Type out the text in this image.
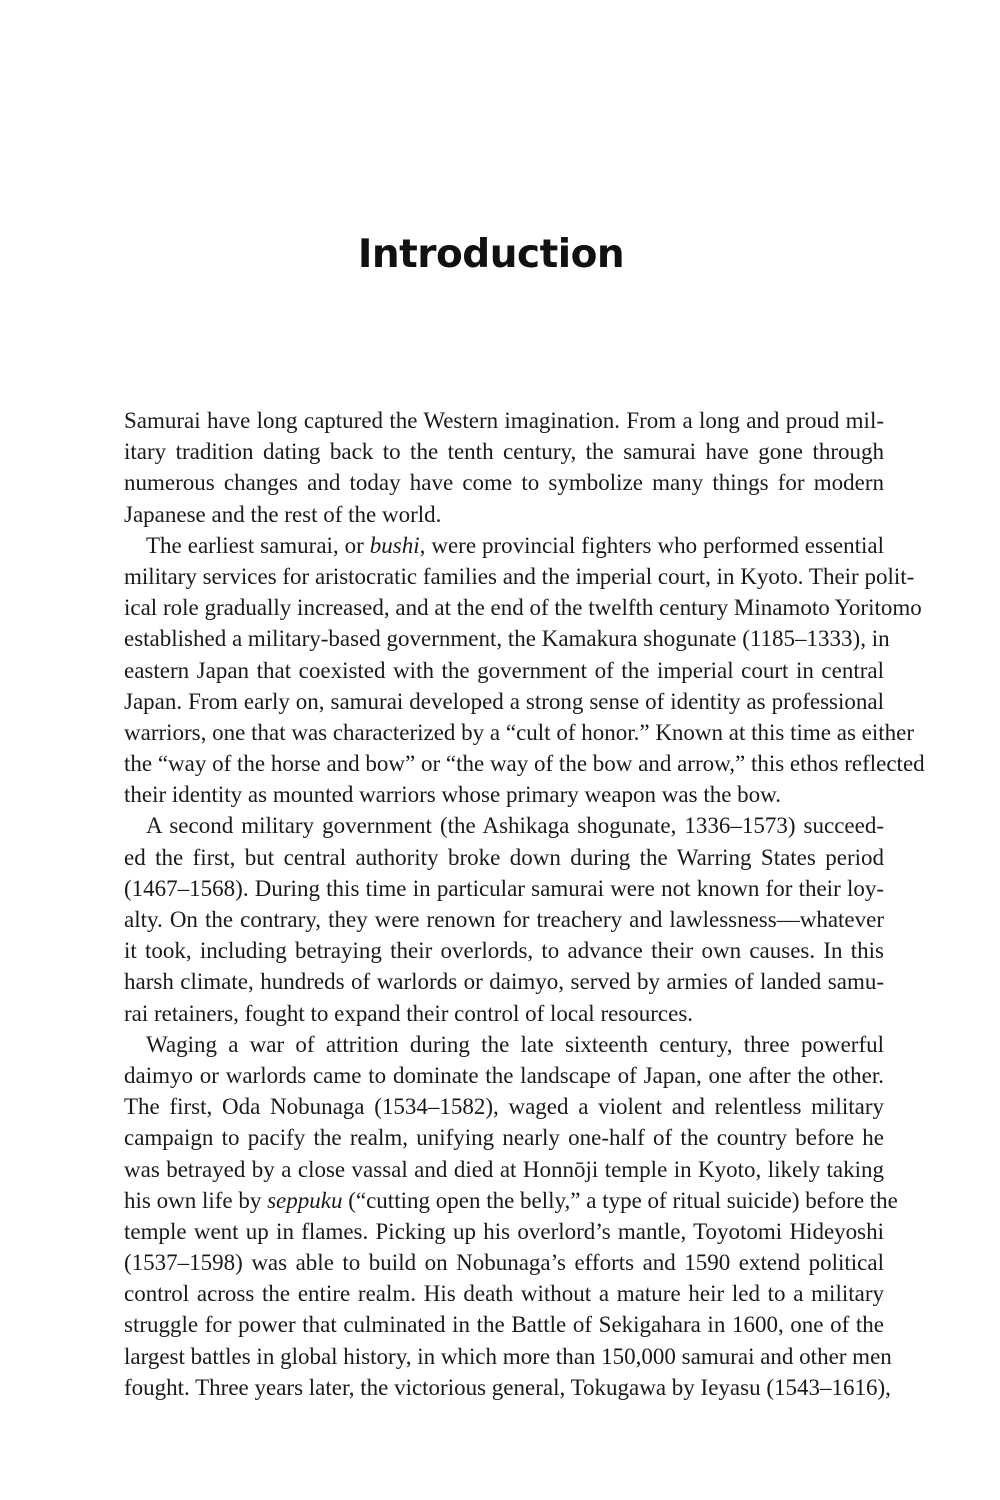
Introduction
Samurai have long captured the Western imagination. From a long and proud mil-
itary tradition dating back to the tenth century, the samurai have gone through
numerous changes and today have come to symbolize many things for modern
Japanese and the rest of the world.
The earliest samurai, or bushi, were provincial fighters who performed essential
military services for aristocratic families and the imperial court, in Kyoto. Their polit-
ical role gradually increased, and at the end of the twelfth century Minamoto Yoritomo
established a military-based government, the Kamakura shogunate (1185–1333), in
eastern Japan that coexisted with the government of the imperial court in central
Japan. From early on, samurai developed a strong sense of identity as professional
warriors, one that was characterized by a “cult of honor.” Known at this time as either
the “way of the horse and bow” or “the way of the bow and arrow,” this ethos reflected
their identity as mounted warriors whose primary weapon was the bow.
A second military government (the Ashikaga shogunate, 1336–1573) succeed-
ed the first, but central authority broke down during the Warring States period
(1467–1568). During this time in particular samurai were not known for their loy-
alty. On the contrary, they were renown for treachery and lawlessness—whatever
it took, including betraying their overlords, to advance their own causes. In this
harsh climate, hundreds of warlords or daimyo, served by armies of landed samu-
rai retainers, fought to expand their control of local resources.
Waging a war of attrition during the late sixteenth century, three powerful
daimyo or warlords came to dominate the landscape of Japan, one after the other.
The first, Oda Nobunaga (1534–1582), waged a violent and relentless military
campaign to pacify the realm, unifying nearly one-half of the country before he
was betrayed by a close vassal and died at Honnōji temple in Kyoto, likely taking
his own life by seppuku (“cutting open the belly,” a type of ritual suicide) before the
temple went up in flames. Picking up his overlord’s mantle, Toyotomi Hideyoshi
(1537–1598) was able to build on Nobunaga’s efforts and 1590 extend political
control across the entire realm. His death without a mature heir led to a military
struggle for power that culminated in the Battle of Sekigahara in 1600, one of the
largest battles in global history, in which more than 150,000 samurai and other men
fought. Three years later, the victorious general, Tokugawa by Ieyasu (1543–1616),
